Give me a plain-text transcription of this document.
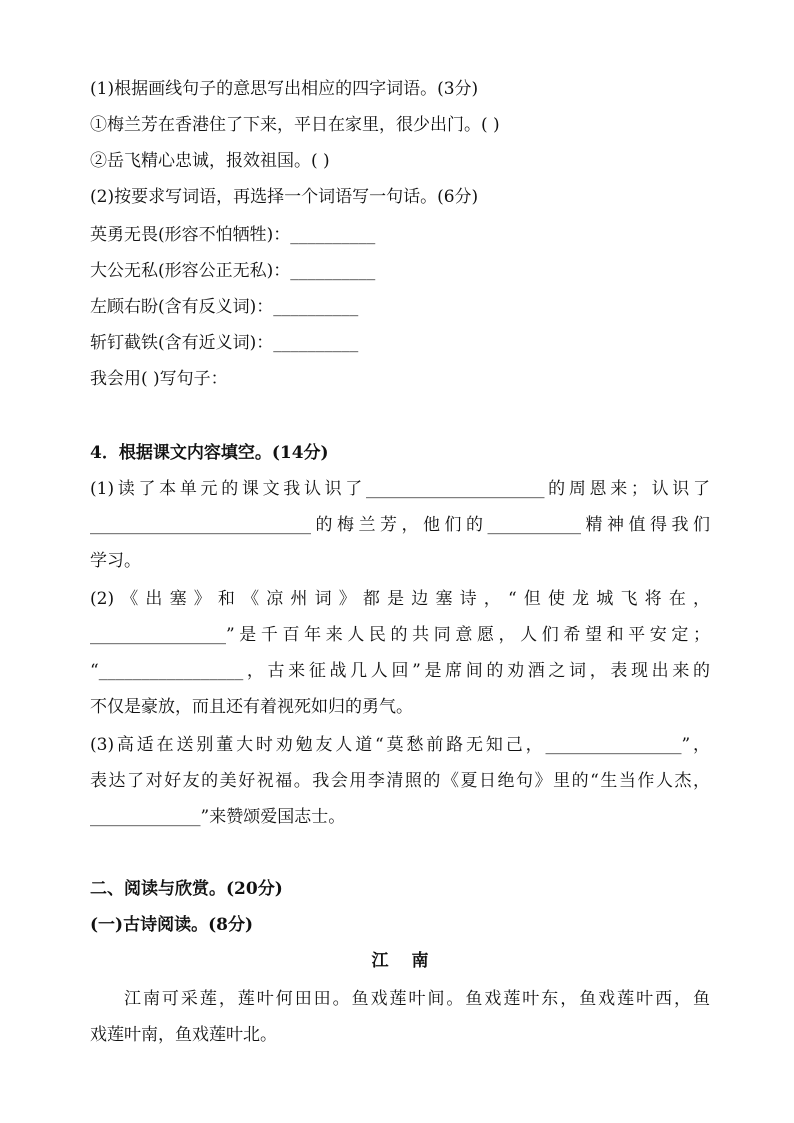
(1)根据画线句子的意思写出相应的四字词语。(3分)
①梅兰芳在香港住了下来，平日在家里，很少出门。( )
②岳飞精心忠诚，报效祖国。( )
(2)按要求写词语，再选择一个词语写一句话。(6分)
英勇无畏(形容不怕牺牲)：__________
大公无私(形容公正无私)：__________
左顾右盼(含有反义词)：__________
斩钉截铁(含有近义词)：__________
我会用( )写句子：
4．根据课文内容填空。(14分)
(1)读了本单元的课文我认识了_____________________的周恩来；认识了
__________________________的梅兰芳，他们的___________精神值得我们
学习。
(2)《出塞》和《凉州词》都是边塞诗，“但使龙城飞将在，
________________”是千百年来人民的共同意愿，人们希望和平安定；
“_________________，古来征战几人回”是席间的劝酒之词，表现出来的
不仅是豪放，而且还有着视死如归的勇气。
(3)高适在送别董大时劝勉友人道“莫愁前路无知己，________________”，
表达了对好友的美好祝福。我会用李清照的《夏日绝句》里的“生当作人杰，
_____________”来赞颂爱国志士。
二、阅读与欣赏。(20分)
(一)古诗阅读。(8分)
江　 南
江南可采莲，莲叶何田田。鱼戏莲叶间。鱼戏莲叶东，鱼戏莲叶西，鱼
戏莲叶南，鱼戏莲叶北。
